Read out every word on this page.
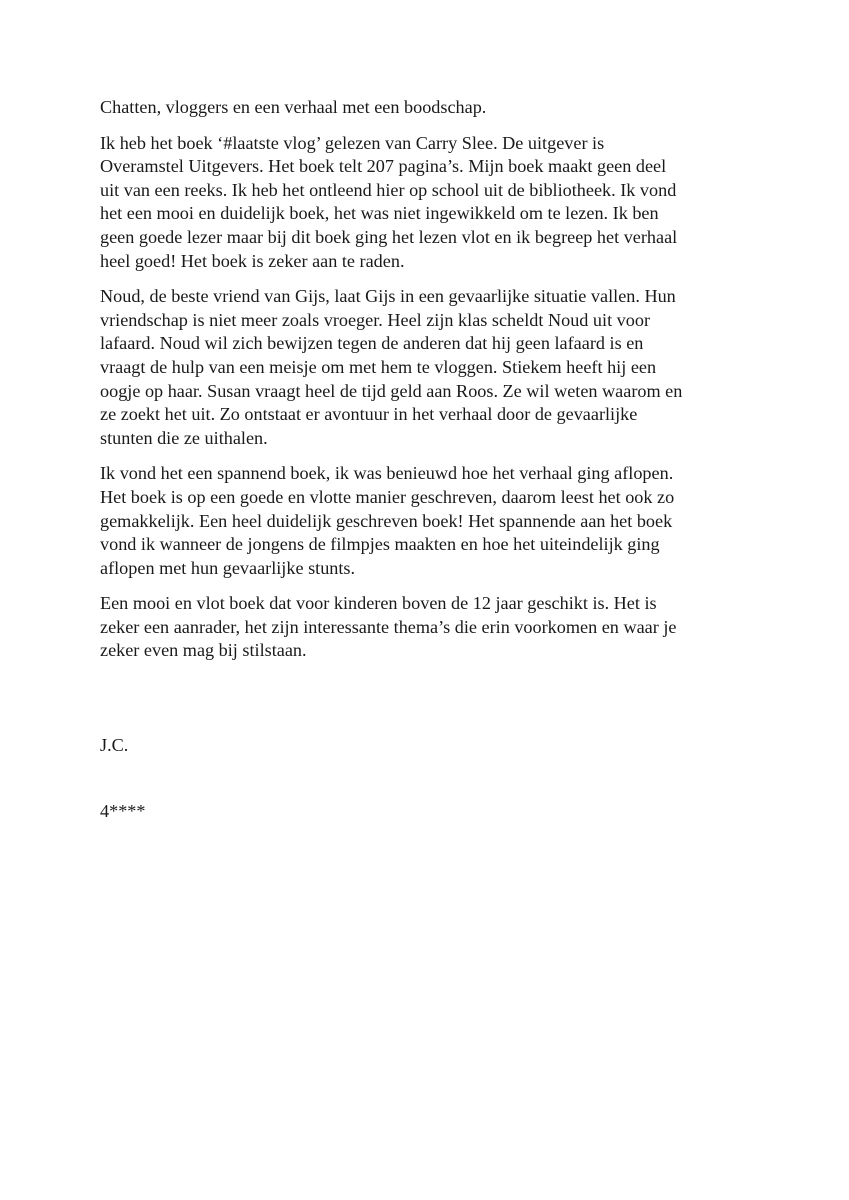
Chatten, vloggers en een verhaal met een boodschap.

Ik heb het boek ‘#laatste vlog’ gelezen van Carry Slee. De uitgever is
Overamstel Uitgevers. Het boek telt 207 pagina’s. Mijn boek maakt geen deel
uit van een reeks. Ik heb het ontleend hier op school uit de bibliotheek. Ik vond
het een mooi en duidelijk boek, het was niet ingewikkeld om te lezen. Ik ben
geen goede lezer maar bij dit boek ging het lezen vlot en ik begreep het verhaal
heel goed! Het boek is zeker aan te raden.

Noud, de beste vriend van Gijs, laat Gijs in een gevaarlijke situatie vallen. Hun
vriendschap is niet meer zoals vroeger. Heel zijn klas scheldt Noud uit voor
lafaard. Noud wil zich bewijzen tegen de anderen dat hij geen lafaard is en
vraagt de hulp van een meisje om met hem te vloggen. Stiekem heeft hij een
oogje op haar. Susan vraagt heel de tijd geld aan Roos. Ze wil weten waarom en
ze zoekt het uit. Zo ontstaat er avontuur in het verhaal door de gevaarlijke
stunten die ze uithalen.

Ik vond het een spannend boek, ik was benieuwd hoe het verhaal ging aflopen.
Het boek is op een goede en vlotte manier geschreven, daarom leest het ook zo
gemakkelijk. Een heel duidelijk geschreven boek! Het spannende aan het boek
vond ik wanneer de jongens de filmpjes maakten en hoe het uiteindelijk ging
aflopen met hun gevaarlijke stunts.

Een mooi en vlot boek dat voor kinderen boven de 12 jaar geschikt is. Het is
zeker een aanrader, het zijn interessante thema’s die erin voorkomen en waar je
zeker even mag bij stilstaan.

J.C.
4****
